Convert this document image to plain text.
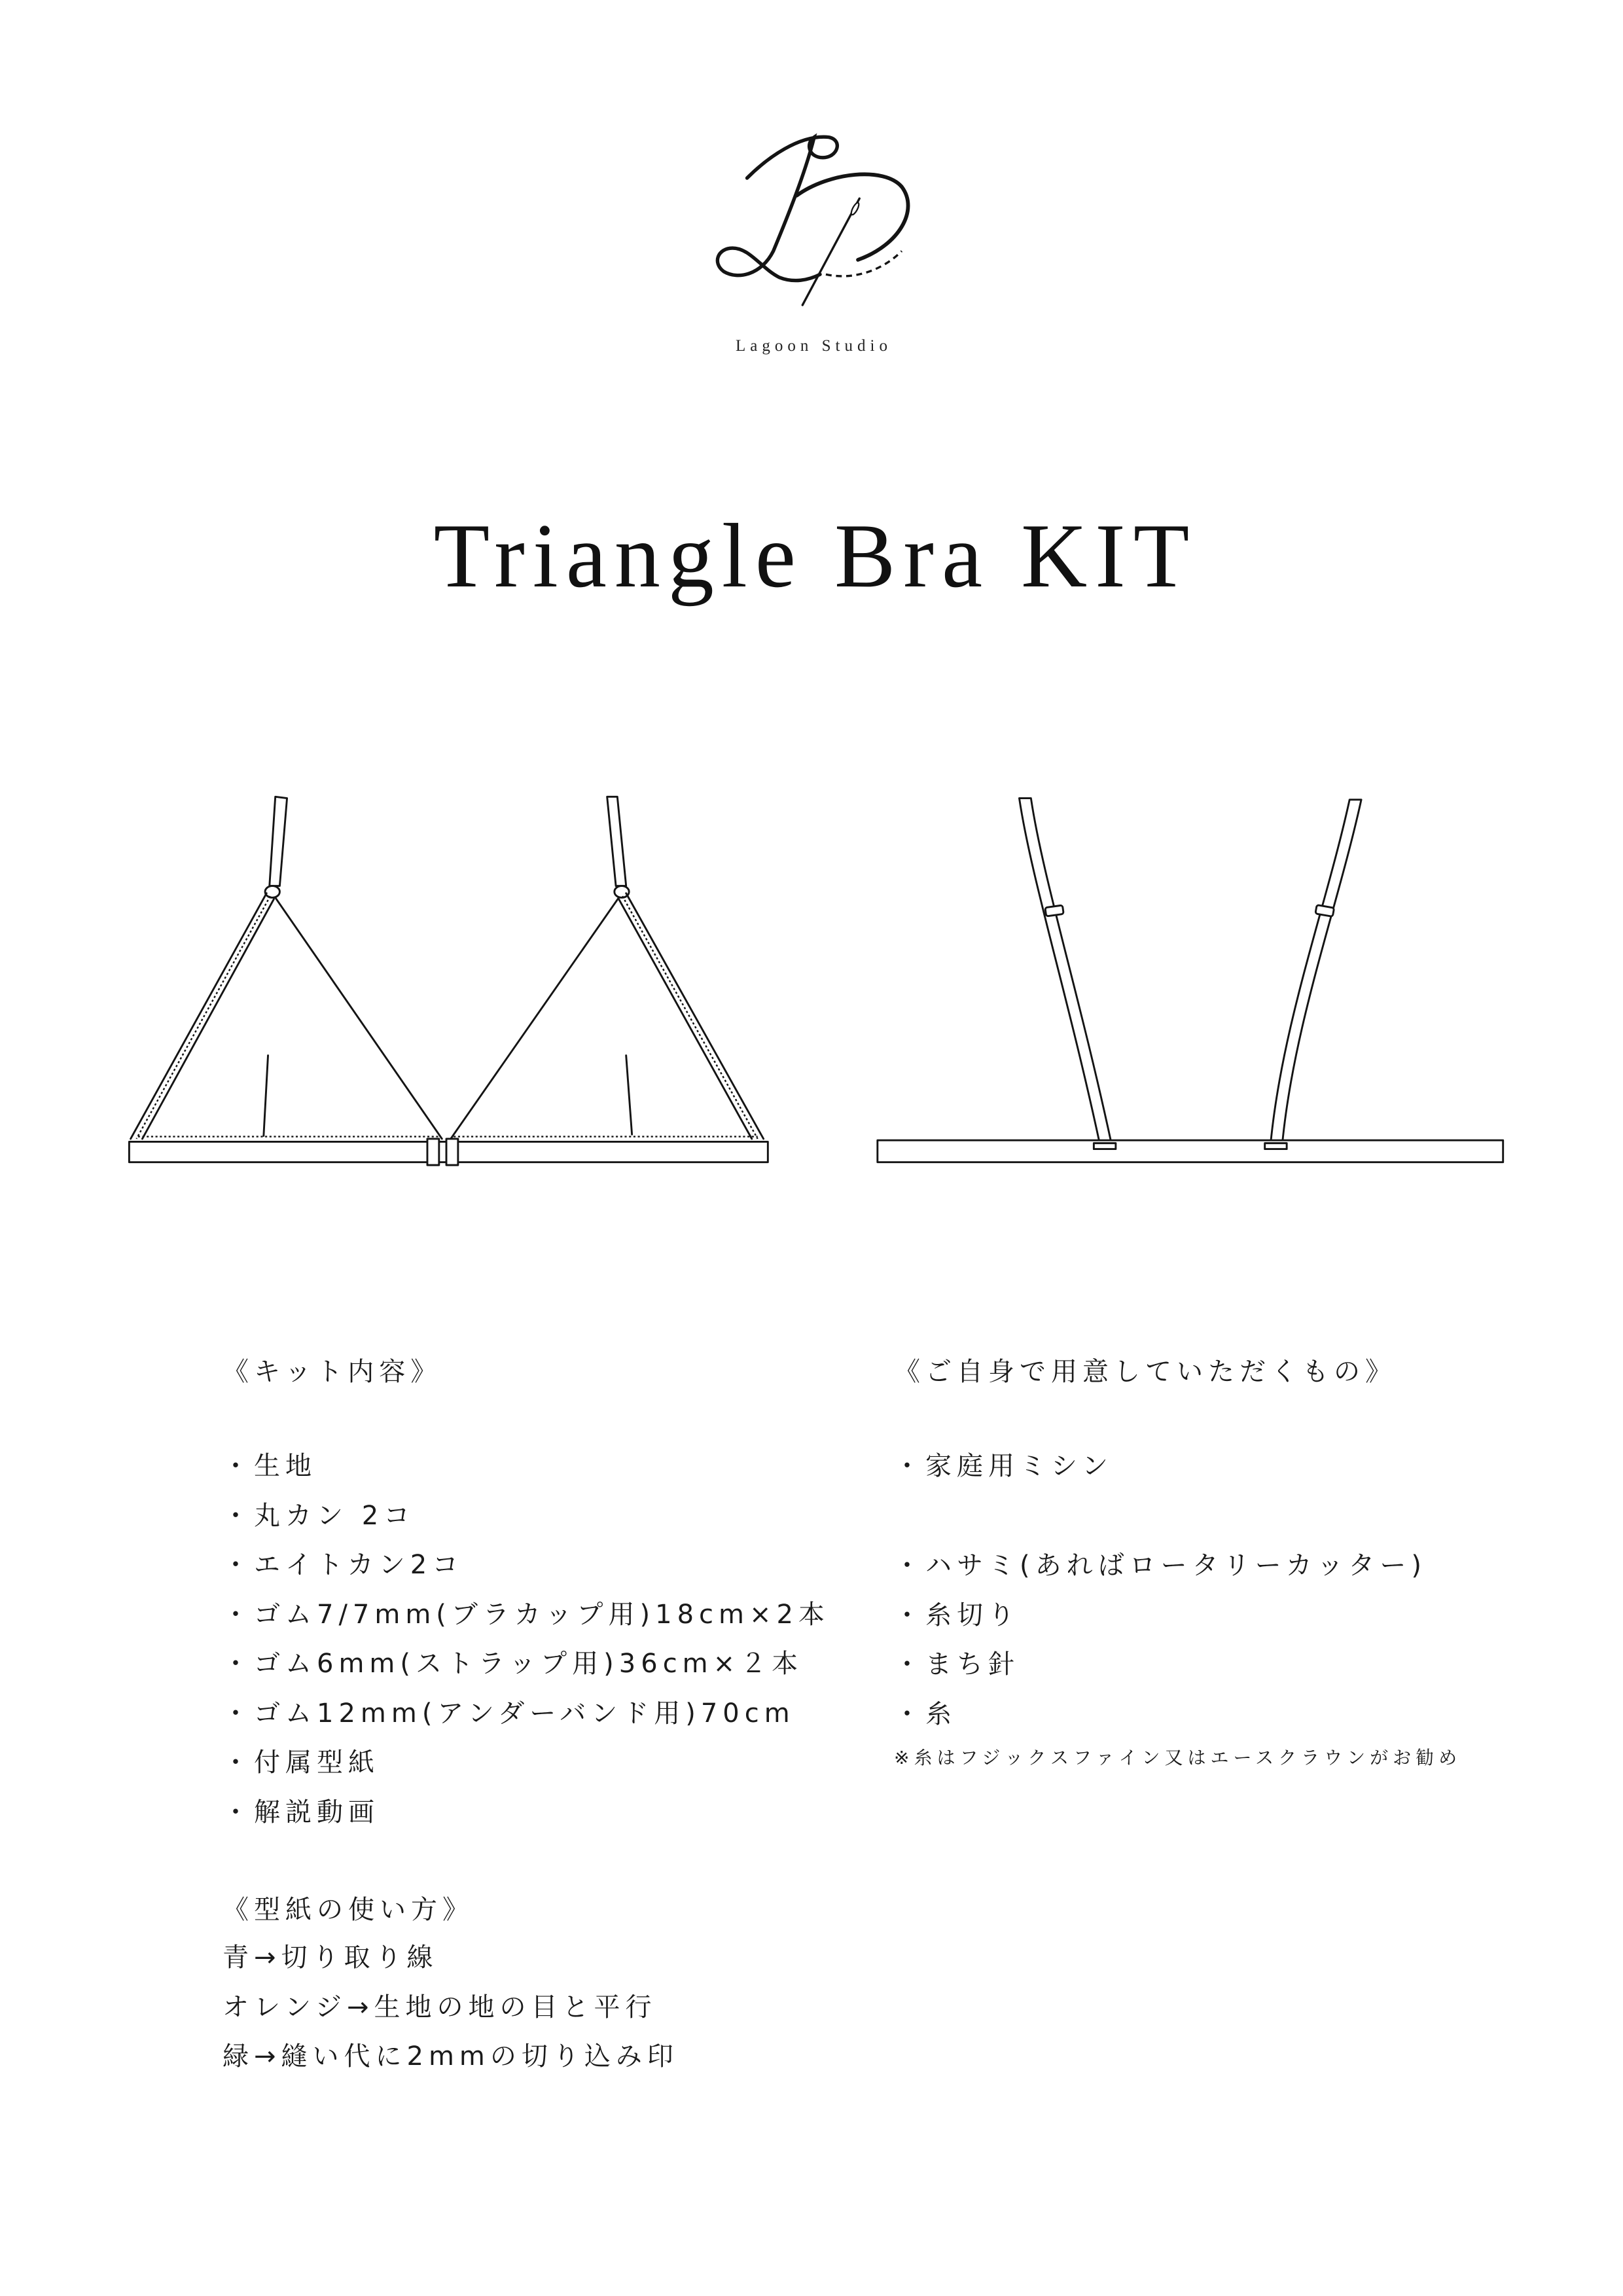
Lagoon Studio
Triangle Bra KIT
《キット内容》
・生地
・丸カン 2コ
・エイトカン2コ
・ゴム7/7mm(ブラカップ用)18cm×2本
・ゴム6mm(ストラップ用)36cm×２本
・ゴム12mm(アンダーバンド用)70cm
・付属型紙
・解説動画
《型紙の使い方》
青→切り取り線
オレンジ→生地の地の目と平行
緑→縫い代に2mmの切り込み印
《ご自身で用意していただくもの》
・家庭用ミシン
・ハサミ(あればロータリーカッター)
・糸切り
・まち針
・糸
※糸はフジックスファイン又はエースクラウンがお勧め
